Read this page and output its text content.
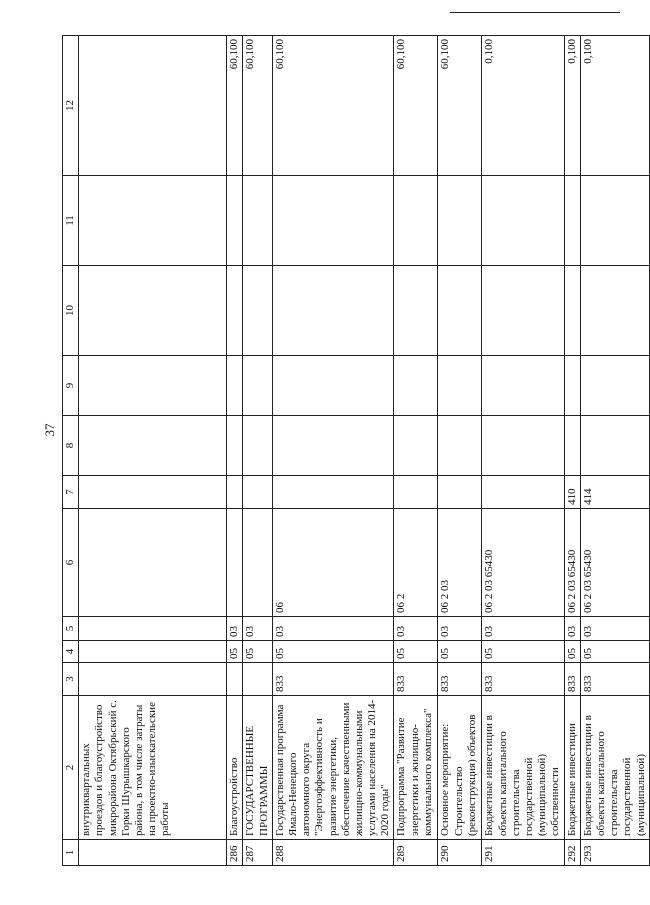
37
1	2	3	4	5	6	7	8	9	10	11	12
	внутриквартальных проездов и благоустройство микрорайона Октябрьский с. Горки Шурышкарского района, в том числе затраты на проектно-изыскательские работы										
286	Благоустройство		05	03							60,100
287	ГОСУДАРСТВЕННЫЕ ПРОГРАММЫ		05	03							60,100
288	Государственная программа Ямало-Ненецкого автономного округа "Энергоэффективность и развитие энергетики, обеспечение качественными жилищно-коммунальными услугами населения на 2014-2020 годы"	833	05	03	06						60,100
289	Подпрограмма "Развитие энергетики и жилищно-коммунального комплекса"	833	05	03	06 2						60,100
290	Основное мероприятие: Строительство (реконструкция) объектов	833	05	03	06 2 03						60,100
291	Бюджетные инвестиции в объекты капитального строительства государственной (муниципальной) собственности	833	05	03	06 2 03 65430						0,100
292	Бюджетные инвестиции	833	05	03	06 2 03 65430	410					0,100
293	Бюджетные инвестиции в объекты капитального строительства государственной (муниципальной)	833	05	03	06 2 03 65430	414					0,100
